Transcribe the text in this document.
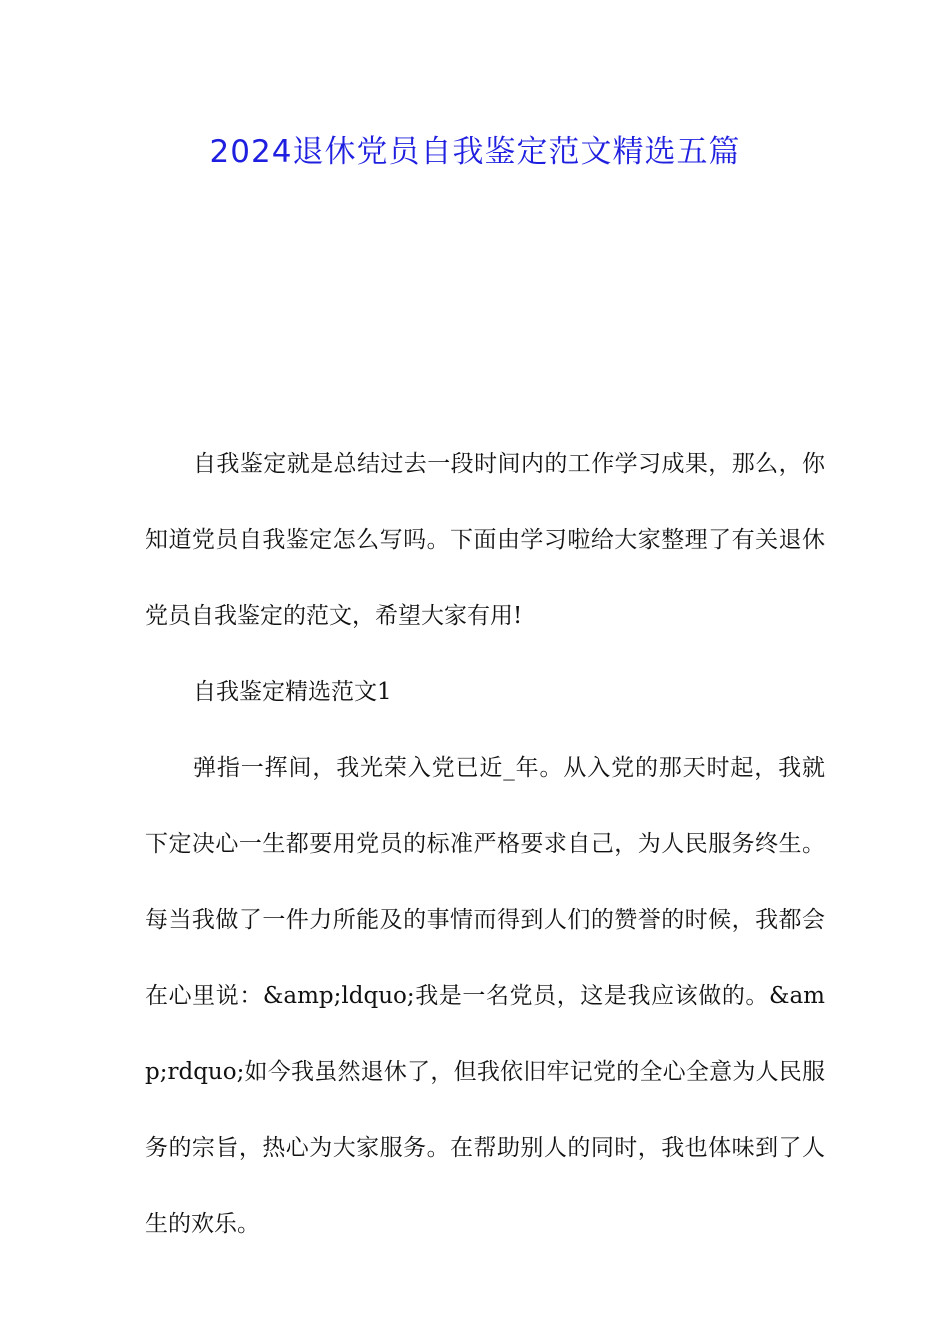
2024退休党员自我鉴定范文精选五篇

自我鉴定就是总结过去一段时间内的工作学习成果，那么，你知道党员自我鉴定怎么写吗。下面由学习啦给大家整理了有关退休党员自我鉴定的范文，希望大家有用!

自我鉴定精选范文1

弹指一挥间，我光荣入党已近_年。从入党的那天时起，我就下定决心一生都要用党员的标准严格要求自己，为人民服务终生。每当我做了一件力所能及的事情而得到人们的赞誉的时候，我都会在心里说：&amp;ldquo;我是一名党员，这是我应该做的。&amp;rdquo;如今我虽然退休了，但我依旧牢记党的全心全意为人民服务的宗旨，热心为大家服务。在帮助别人的同时，我也体味到了人生的欢乐。
